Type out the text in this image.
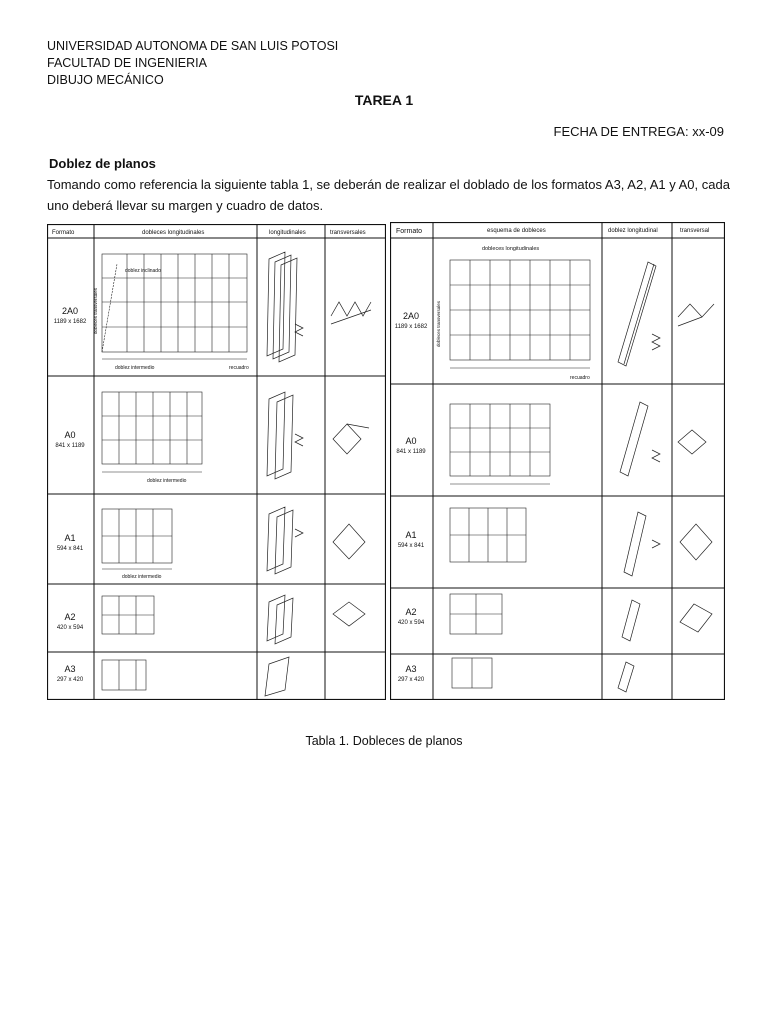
UNIVERSIDAD AUTONOMA DE SAN LUIS POTOSI
FACULTAD DE INGENIERIA
DIBUJO MECÁNICO
TAREA 1
FECHA DE ENTREGA: xx-09
Doblez de planos
Tomando como referencia la siguiente tabla 1, se deberán de realizar el doblado de los formatos A3, A2, A1 y A0, cada uno deberá llevar su margen y cuadro de datos.
Formato	dobleces longitudinales	longitudinales	transversales
2A0
1189 x 1682
doblez inclinado
doblez intermedio	recuadro
dobleces transversales
A0
841 x 1189
doblez intermedio
A1
594 x 841
doblez intermedio
A2
420 x 594
A3
297 x 420
Formato	esquema de dobleces	doblez longitudinal	transversal
2A0
1189 x 1682
dobleces longitudinales
dobleces transversales
recuadro
A0
841 x 1189
A1
594 x 841
A2
420 x 594
A3
297 x 420
Tabla 1. Dobleces de planos
